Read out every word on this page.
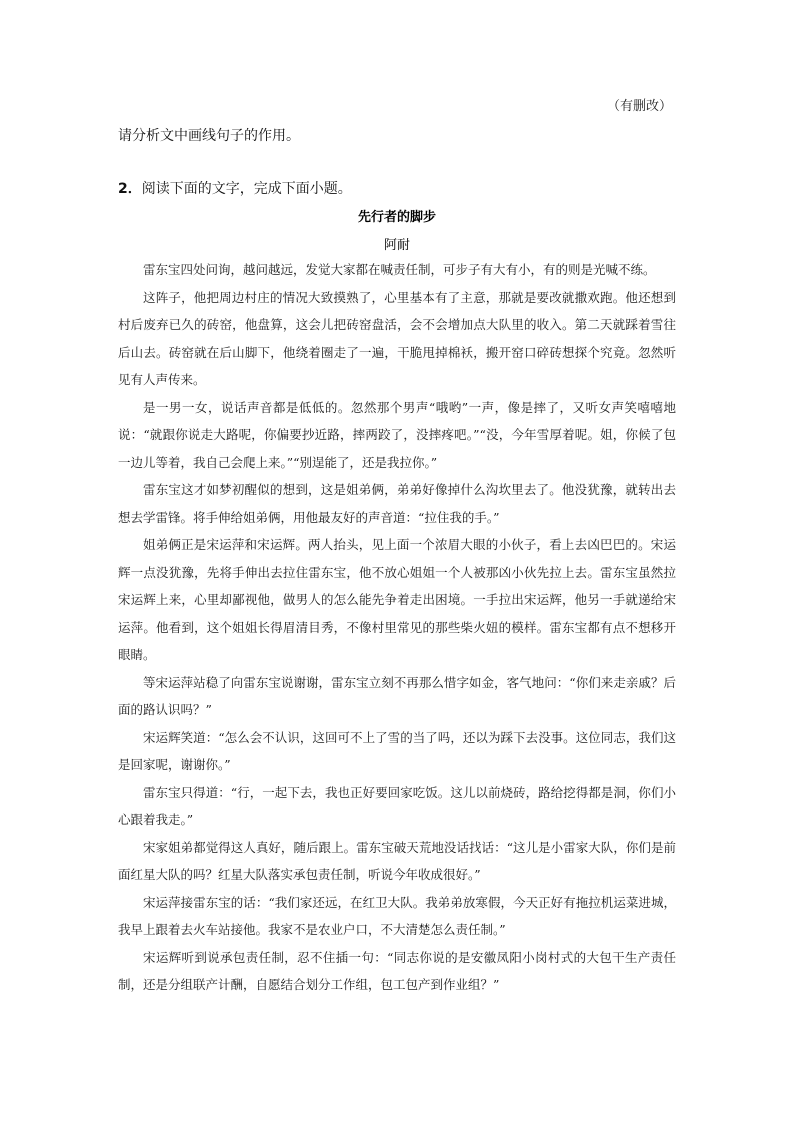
（有删改）
请分析文中画线句子的作用。
2．阅读下面的文字，完成下面小题。
先行者的脚步
阿耐

雷东宝四处问询，越问越远，发觉大家都在喊责任制，可步子有大有小，有的则是光喊不练。

这阵子，他把周边村庄的情况大致摸熟了，心里基本有了主意，那就是要改就撒欢跑。他还想到村后废弃已久的砖窑，他盘算，这会儿把砖窑盘活，会不会增加点大队里的收入。第二天就踩着雪往后山去。砖窑就在后山脚下，他绕着圈走了一遍，干脆甩掉棉袄，搬开窑口碎砖想探个究竟。忽然听见有人声传来。

是一男一女，说话声音都是低低的。忽然那个男声“哦哟”一声，像是摔了，又听女声笑嘻嘻地说：“就跟你说走大路呢，你偏要抄近路，摔两跤了，没摔疼吧。”“没，今年雪厚着呢。姐，你候了包一边儿等着，我自己会爬上来。”“别逞能了，还是我拉你。”

雷东宝这才如梦初醒似的想到，这是姐弟俩，弟弟好像掉什么沟坎里去了。他没犹豫，就转出去想去学雷锋。将手伸给姐弟俩，用他最友好的声音道：“拉住我的手。”

姐弟俩正是宋运萍和宋运辉。两人抬头，见上面一个浓眉大眼的小伙子，看上去凶巴巴的。宋运辉一点没犹豫，先将手伸出去拉住雷东宝，他不放心姐姐一个人被那凶小伙先拉上去。雷东宝虽然拉宋运辉上来，心里却鄙视他，做男人的怎么能先争着走出困境。一手拉出宋运辉，他另一手就递给宋运萍。他看到，这个姐姐长得眉清目秀，不像村里常见的那些柴火妞的模样。雷东宝都有点不想移开眼睛。

等宋运萍站稳了向雷东宝说谢谢，雷东宝立刻不再那么惜字如金，客气地问：“你们来走亲戚？后面的路认识吗？”

宋运辉笑道：“怎么会不认识，这回可不上了雪的当了吗，还以为踩下去没事。这位同志，我们这是回家呢，谢谢你。”

雷东宝只得道：“行，一起下去，我也正好要回家吃饭。这儿以前烧砖，路给挖得都是洞，你们小心跟着我走。”

宋家姐弟都觉得这人真好，随后跟上。雷东宝破天荒地没话找话：“这儿是小雷家大队，你们是前面红星大队的吗？红星大队落实承包责任制，听说今年收成很好。”

宋运萍接雷东宝的话：“我们家还远，在红卫大队。我弟弟放寒假，今天正好有拖拉机运菜进城，我早上跟着去火车站接他。我家不是农业户口，不大清楚怎么责任制。”

宋运辉听到说承包责任制，忍不住插一句：“同志你说的是安徽凤阳小岗村式的大包干生产责任制，还是分组联产计酬，自愿结合划分工作组，包工包产到作业组？”
